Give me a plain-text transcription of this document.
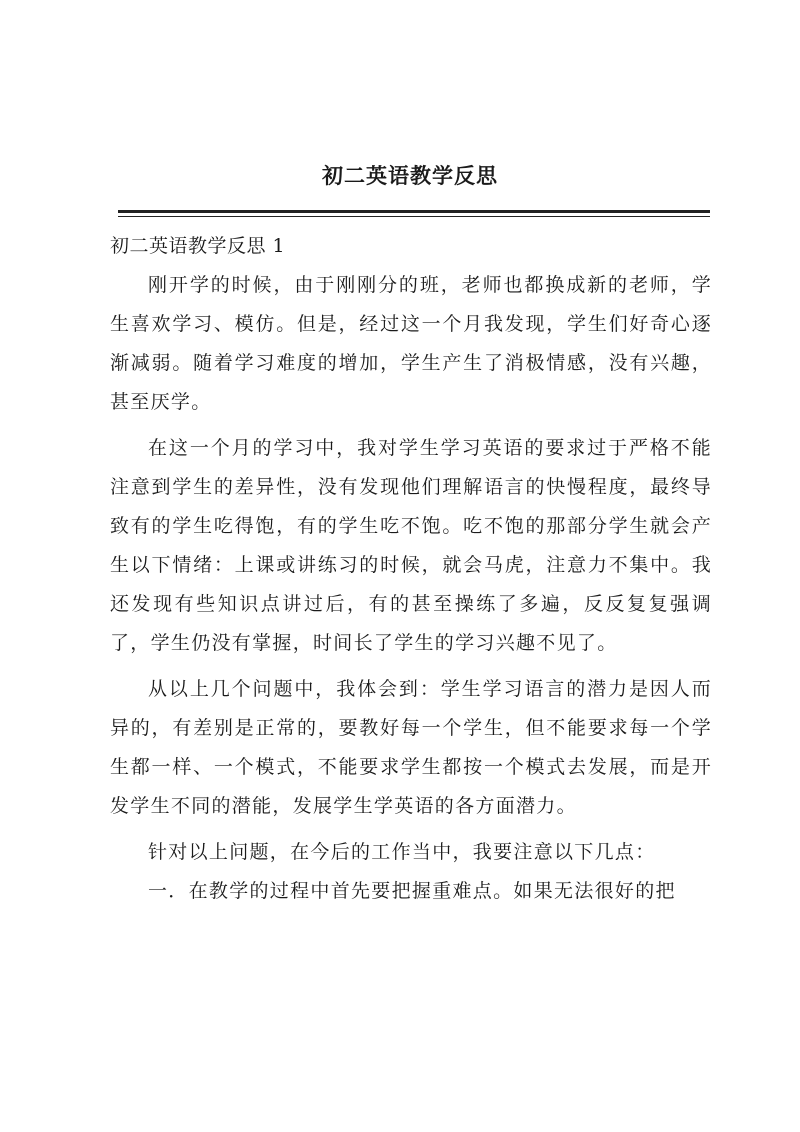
初二英语教学反思

初二英语教学反思 1

刚开学的时候，由于刚刚分的班，老师也都换成新的老师，学生喜欢学习、模仿。但是，经过这一个月我发现，学生们好奇心逐渐减弱。随着学习难度的增加，学生产生了消极情感，没有兴趣，甚至厌学。

在这一个月的学习中，我对学生学习英语的要求过于严格不能注意到学生的差异性，没有发现他们理解语言的快慢程度，最终导致有的学生吃得饱，有的学生吃不饱。吃不饱的那部分学生就会产生以下情绪：上课或讲练习的时候，就会马虎，注意力不集中。我还发现有些知识点讲过后，有的甚至操练了多遍，反反复复强调了，学生仍没有掌握，时间长了学生的学习兴趣不见了。

从以上几个问题中，我体会到：学生学习语言的潜力是因人而异的，有差别是正常的，要教好每一个学生，但不能要求每一个学生都一样、一个模式，不能要求学生都按一个模式去发展，而是开发学生不同的潜能，发展学生学英语的各方面潜力。

针对以上问题，在今后的工作当中，我要注意以下几点：

一．在教学的过程中首先要把握重难点。如果无法很好的把
